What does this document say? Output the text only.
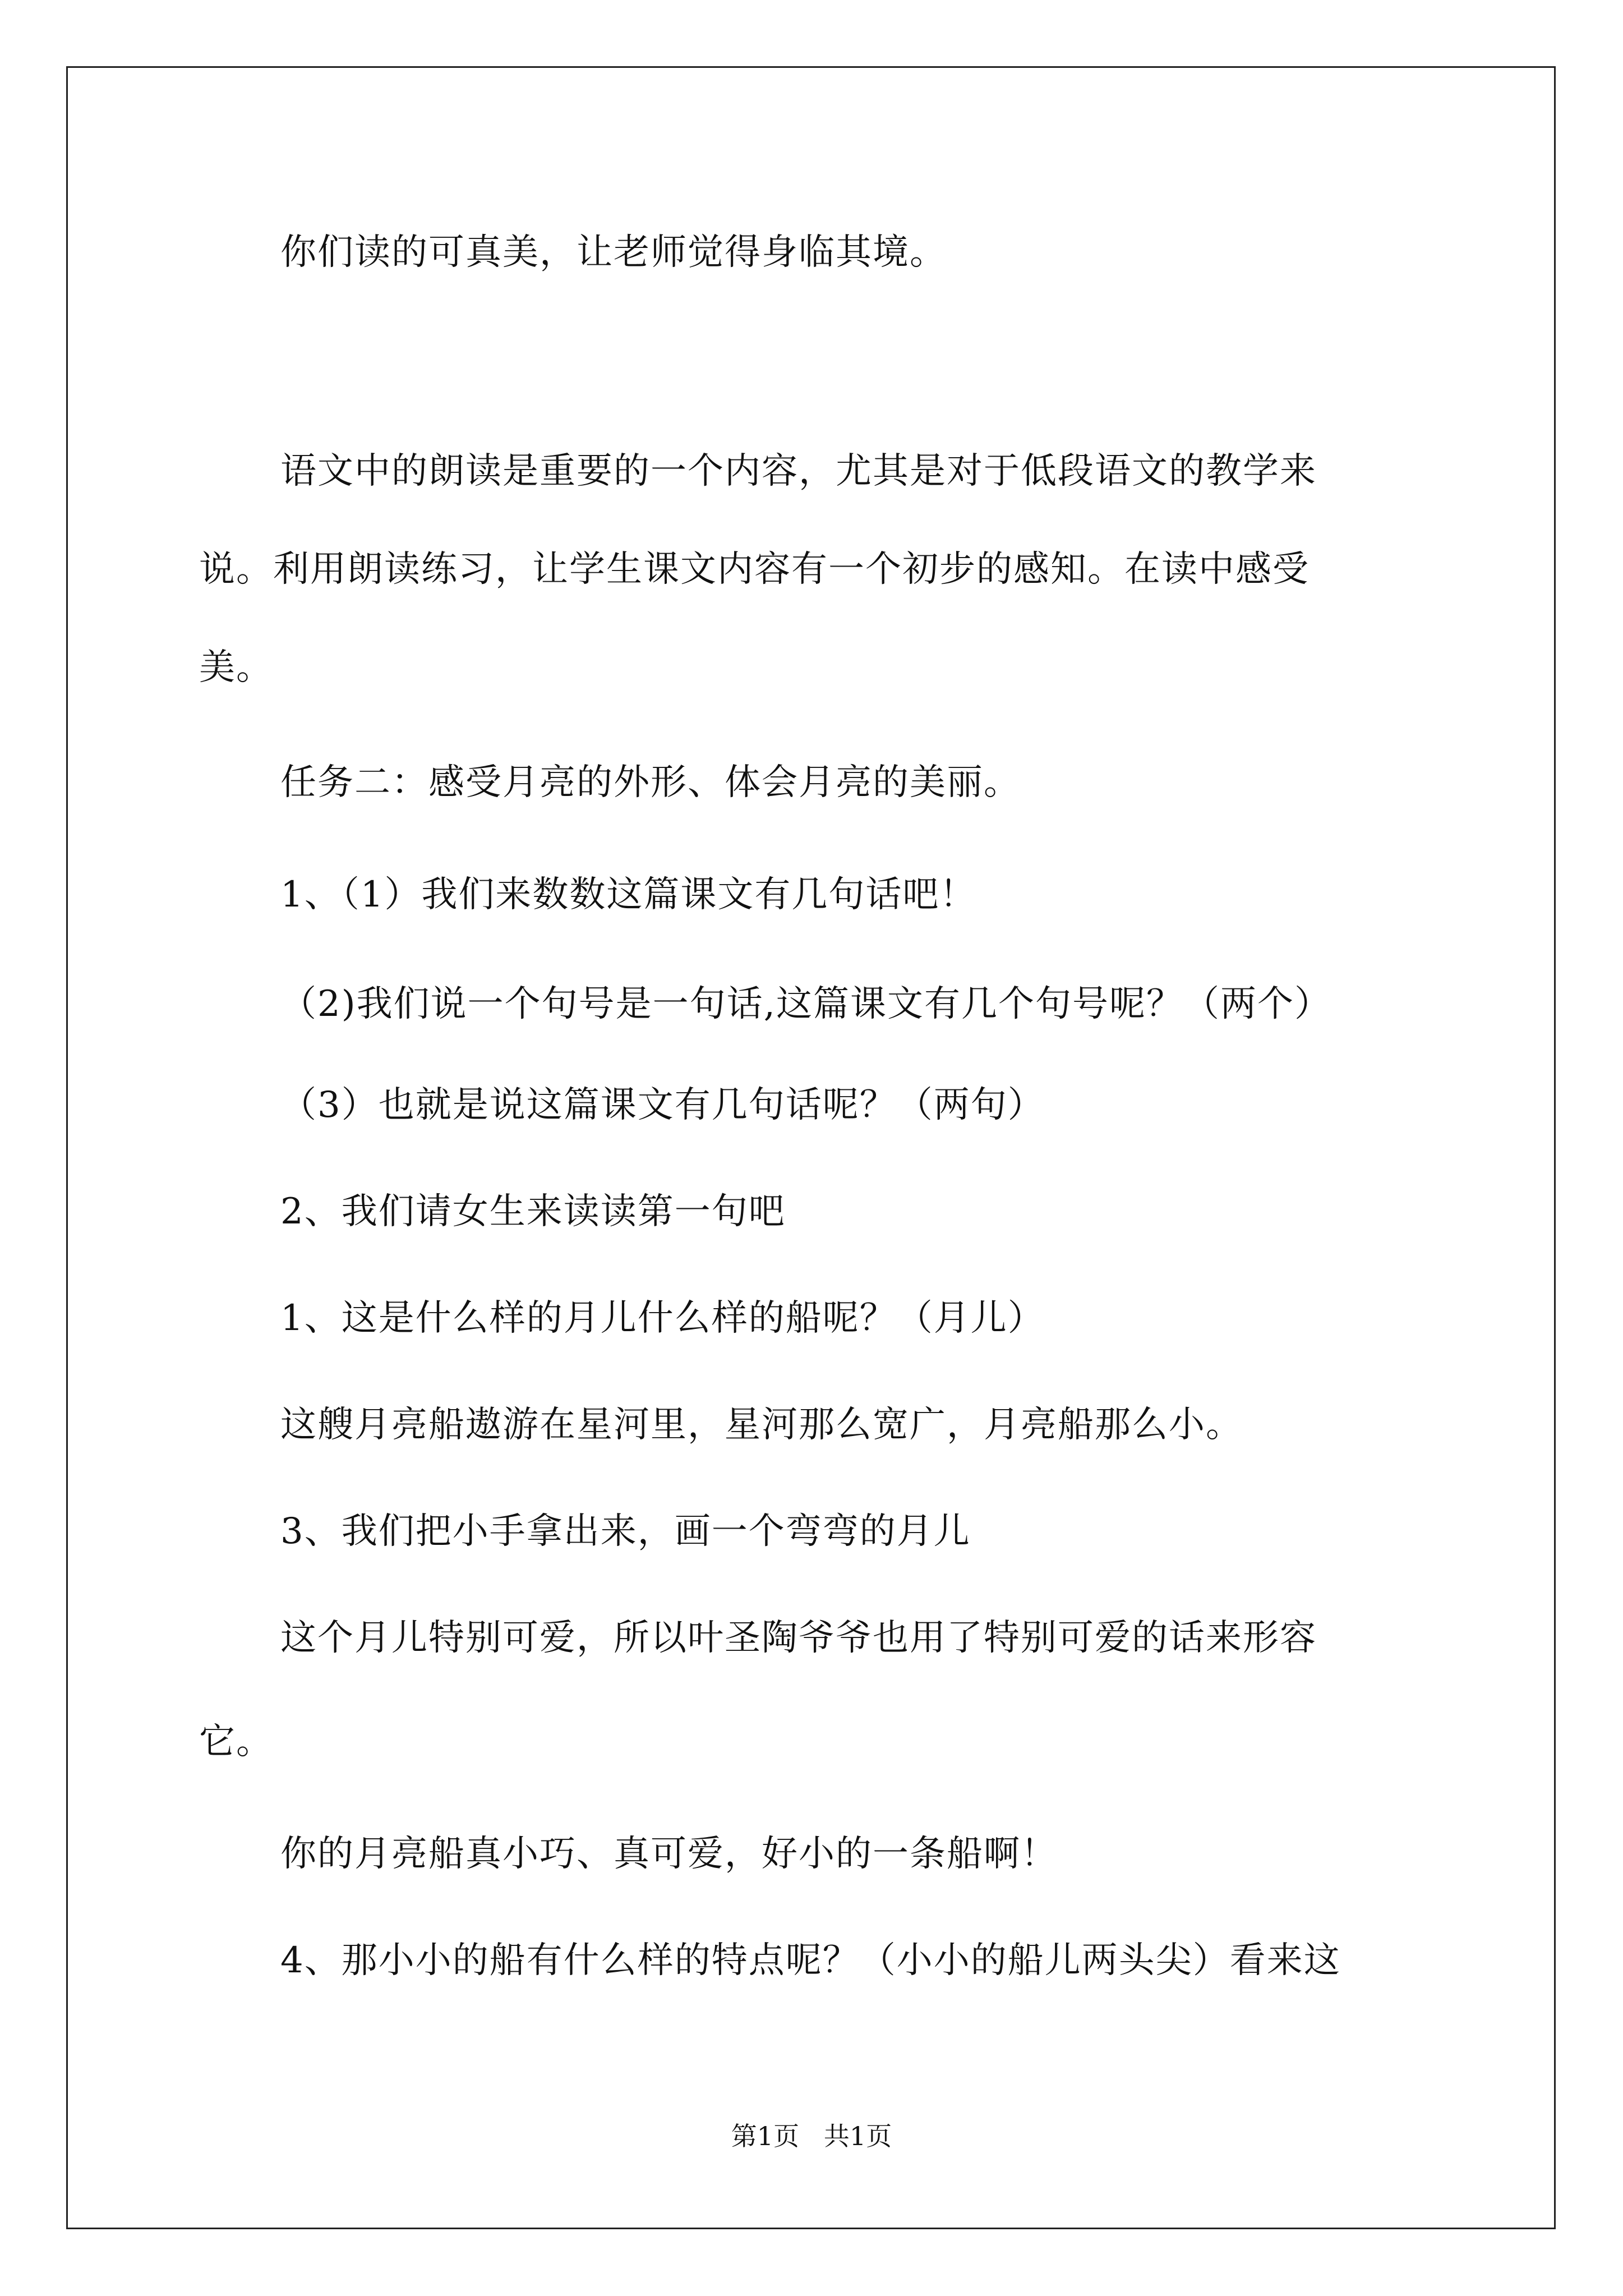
你们读的可真美，让老师觉得身临其境。
语文中的朗读是重要的一个内容，尤其是对于低段语文的教学来
说。利用朗读练习，让学生课文内容有一个初步的感知。在读中感受
美。
任务二：感受月亮的外形、体会月亮的美丽。
1、（1）我们来数数这篇课文有几句话吧！
（2)我们说一个句号是一句话,这篇课文有几个句号呢？（两个）
（3）也就是说这篇课文有几句话呢？（两句）
2、我们请女生来读读第一句吧
1、这是什么样的月儿什么样的船呢？（月儿）
这艘月亮船遨游在星河里，星河那么宽广，月亮船那么小。
3、我们把小手拿出来，画一个弯弯的月儿
这个月儿特别可爱，所以叶圣陶爷爷也用了特别可爱的话来形容
它。
你的月亮船真小巧、真可爱，好小的一条船啊！
4、那小小的船有什么样的特点呢？（小小的船儿两头尖）看来这
第1页   共1页
